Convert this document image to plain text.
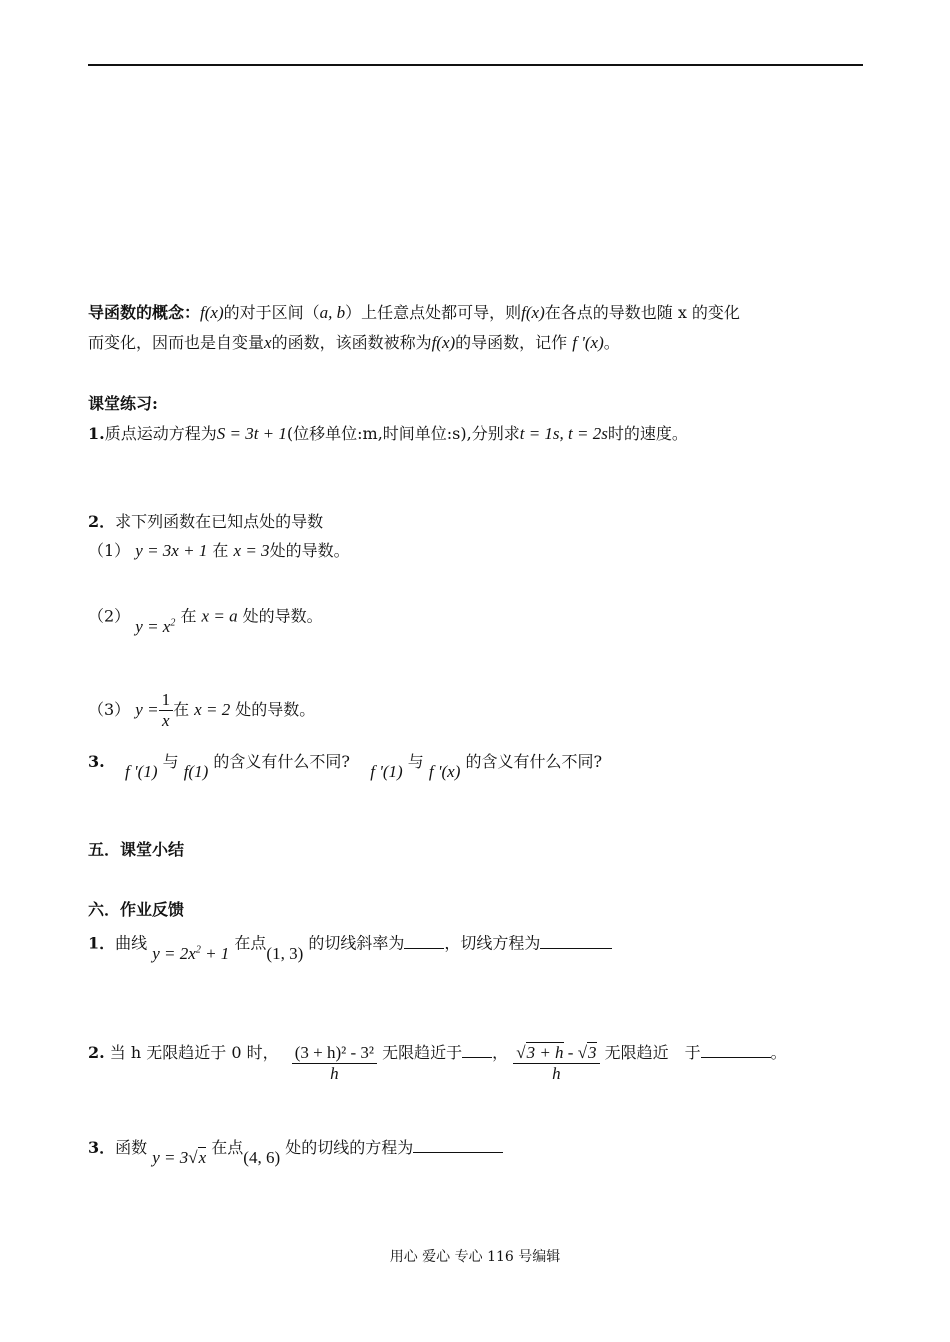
导函数的概念：f(x)的对于区间（a, b）上任意点处都可导，则f(x)在各点的导数也随 x 的变化
而变化，因而也是自变量x的函数，该函数被称为f(x)的导函数，记作 f '(x)。
课堂练习:
1.质点运动方程为S = 3t + 1(位移单位:m,时间单位:s),分别求t = 1s, t = 2s时的速度。
2．求下列函数在已知点处的导数
（1） y = 3x + 1 在 x = 3处的导数。
（2） $y = x^2$ 在 x = a 处的导数。
（3） $y = \frac{1}{x}$ 在 x = 2 处的导数。
3.    f '(1) 与 f(1) 的含义有什么不同?    f '(1) 与 f '(x) 的含义有什么不同?
五．课堂小结
六．作业反馈
1．曲线 $y = 2x^2 + 1$ 在点(1, 3) 的切线斜率为	，切线方程为
2. 当 h 无限趋近于 0 时， $\frac{\text{(3 + h)² - 3²}}{h}$ 无限趋近于 ， $\frac{√3 + h - √3}{h}$ 无限趋近　于	。
3．函数 y = 3√x 在点(4, 6) 处的切线的方程为
用心 爱心 专心 116 号编辑
